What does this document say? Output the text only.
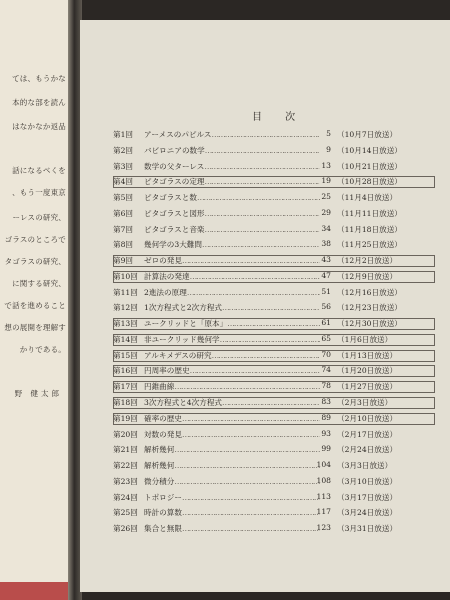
ては、もうかな
本的な部を読ん
はなかなか返品
話になるべくを
、もう一度東京
ーレスの研究、
ゴラスのところで
タゴラスの研究、
に関する研究、
で話を進めること
想の展開を理解す
かりである。
野 健太郎
目 次
第1回	アーメスのパピルス ……………………………………………………………………………………………………………	5 （10月7日放送）
第2回	バビロニアの数学 ……………………………………………………………………………………………………………	9 （10月14日放送）
第3回	数学の父ターレス ……………………………………………………………………………………………………………	13 （10月21日放送）
第4回	ピタゴラスの定理 ……………………………………………………………………………………………………………	19 （10月28日放送）
第5回	ピタゴラスと数 ……………………………………………………………………………………………………………	25 （11月4日放送）
第6回	ピタゴラスと図形 ……………………………………………………………………………………………………………	29 （11月11日放送）
第7回	ピタゴラスと音楽 ……………………………………………………………………………………………………………	34 （11月18日放送）
第8回	幾何学の3大難問 ……………………………………………………………………………………………………………	38 （11月25日放送）
第9回	ゼロの発見 ……………………………………………………………………………………………………………	43 （12月2日放送）
第10回 計算法の発達 ……………………………………………………………………………………………………………	47 （12月9日放送）
第11回 2進法の原理 ……………………………………………………………………………………………………………	51 （12月16日放送）
第12回 1次方程式と2次方程式 ……………………………………………………………………………………………………………	56 （12月23日放送）
第13回 ユークリッドと「原本」 ……………………………………………………………………………………………………………	61 （12月30日放送）
第14回 非ユークリッド幾何学 ……………………………………………………………………………………………………………	65 （1月6日放送）
第15回 アルキメデスの研究 ……………………………………………………………………………………………………………	70 （1月13日放送）
第16回 円周率の歴史 ……………………………………………………………………………………………………………	74 （1月20日放送）
第17回 円錐曲線 ……………………………………………………………………………………………………………	78 （1月27日放送）
第18回 3次方程式と4次方程式 ……………………………………………………………………………………………………………	83 （2月3日放送）
第19回 確率の歴史 ……………………………………………………………………………………………………………	89 （2月10日放送）
第20回 対数の発見 ……………………………………………………………………………………………………………	93 （2月17日放送）
第21回 解析幾何 ……………………………………………………………………………………………………………	99 （2月24日放送）
第22回 解析幾何 ……………………………………………………………………………………………………………	104 （3月3日放送）
第23回 微分積分 ……………………………………………………………………………………………………………	108 （3月10日放送）
第24回 トポロジー ……………………………………………………………………………………………………………	113 （3月17日放送）
第25回 時計の算数 ……………………………………………………………………………………………………………	117 （3月24日放送）
第26回 集合と無限 ……………………………………………………………………………………………………………	123 （3月31日放送）
